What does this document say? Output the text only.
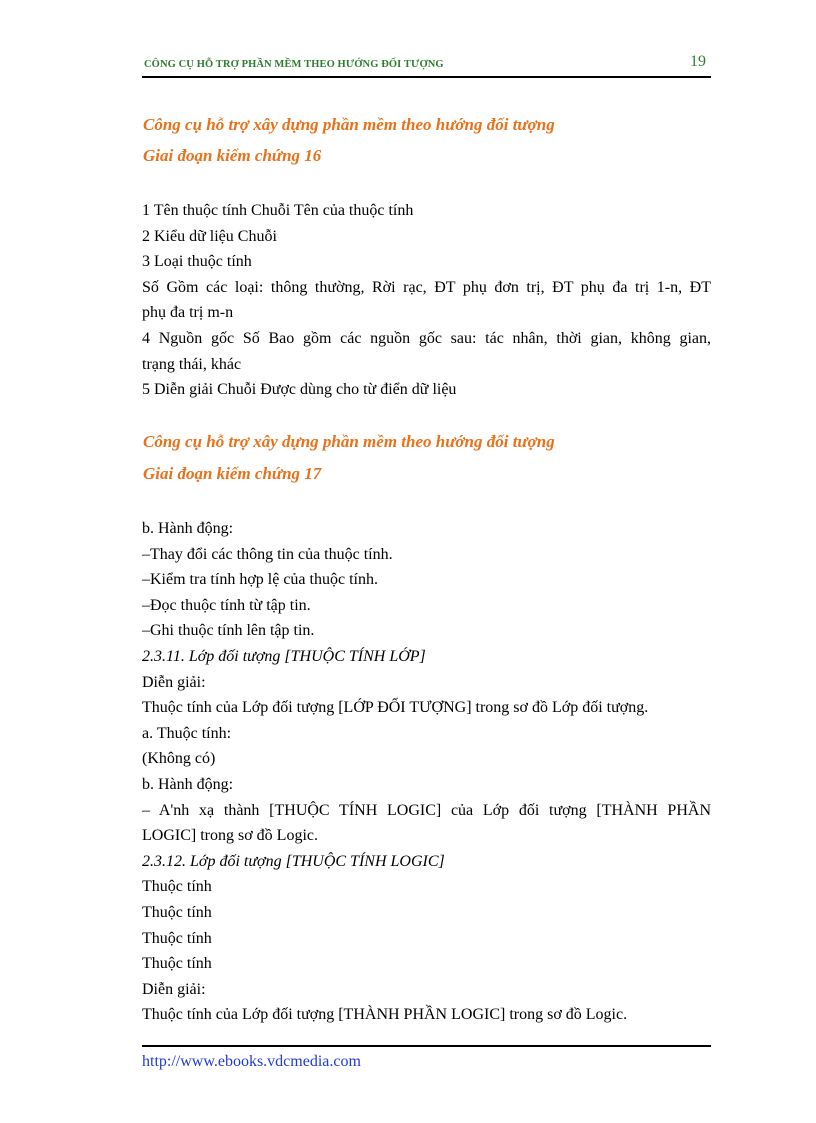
CÔNG CỤ HỖ TRỢ PHẦN MỀM THEO HƯỚNG ĐỐI TƯỢNG	19
Công cụ hỗ trợ xây dựng phần mềm theo hướng đối tượng
Giai đoạn kiểm chứng 16

1 Tên thuộc tính Chuỗi Tên của thuộc tính

2 Kiểu dữ liệu Chuỗi

3 Loại thuộc tính

Số Gồm các loại: thông thường, Rời rạc, ĐT phụ đơn trị, ĐT phụ đa trị 1-n, ĐT

phụ đa trị m-n

4 Nguồn gốc Số Bao gồm các nguồn gốc sau: tác nhân, thời gian, không gian,

trạng thái, khác

5 Diễn giải Chuỗi Được dùng cho từ điển dữ liệu

Công cụ hỗ trợ xây dựng phần mềm theo hướng đối tượng
Giai đoạn kiểm chứng 17

b. Hành động:

–Thay đổi các thông tin của thuộc tính.

–Kiểm tra tính hợp lệ của thuộc tính.

–Đọc thuộc tính từ tập tin.

–Ghi thuộc tính lên tập tin.

2.3.11. Lớp đối tượng [THUỘC TÍNH LỚP]

Diễn giải:

Thuộc tính của Lớp đối tượng [LỚP ĐỐI TƯỢNG] trong sơ đồ Lớp đối tượng.

a. Thuộc tính:

(Không có)

b. Hành động:

– A'nh xạ thành [THUỘC TÍNH LOGIC] của Lớp đối tượng [THÀNH PHẦN

LOGIC] trong sơ đồ Logic.

2.3.12. Lớp đối tượng [THUỘC TÍNH LOGIC]

Thuộc tính

Thuộc tính

Thuộc tính

Thuộc tính

Diễn giải:

Thuộc tính của Lớp đối tượng [THÀNH PHẦN LOGIC] trong sơ đồ Logic.

http://www.ebooks.vdcmedia.com
